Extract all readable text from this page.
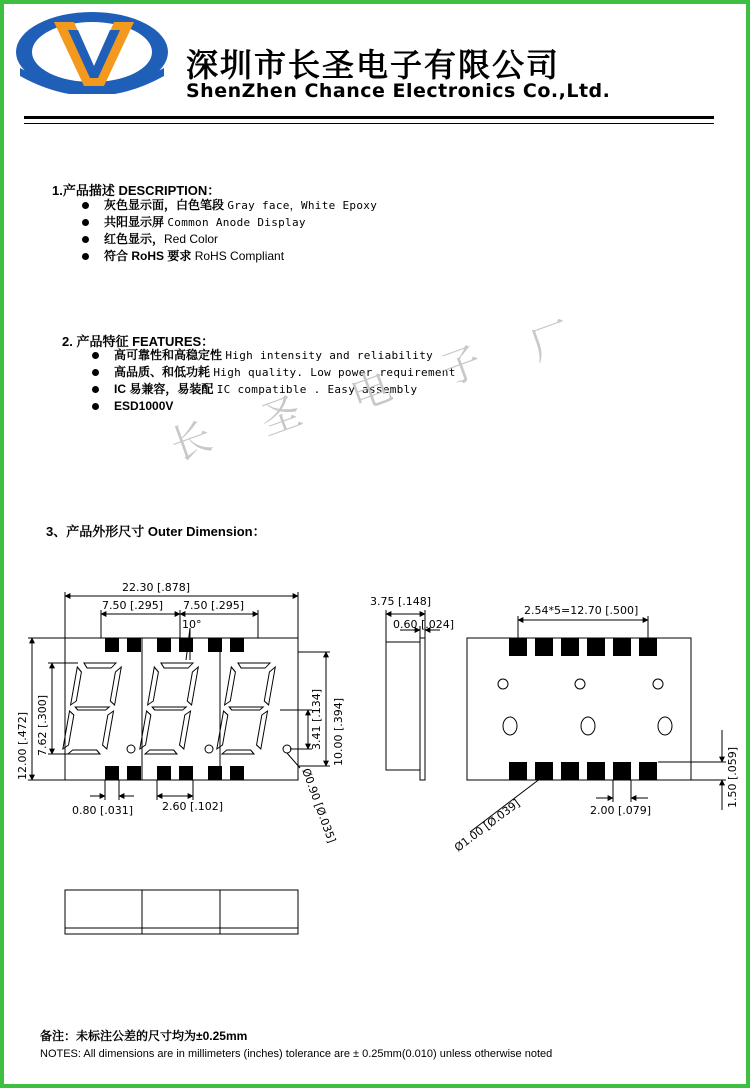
深圳市长圣电子有限公司
ShenZhen Chance Electronics Co.,Ltd.
1.产品描述 DESCRIPTION：
灰色显示面，白色笔段 Gray face，White Epoxy
共阳显示屏 Common Anode Display
红色显示，Red Color
符合 RoHS 要求 RoHS Compliant
2. 产品特征 FEATURES：
高可靠性和高稳定性 High intensity and reliability
高品质、和低功耗 High quality. Low power requirement
IC 易兼容，易装配 IC compatible . Easy assembly
ESD1000V
长 圣 电 子 厂
3、产品外形尺寸 Outer Dimension：
22.30 [.878]
7.50 [.295] 7.50 [.295]
10°
12.00 [.472] 7.62 [.300]	10.00 [.394]
3.41 [.134]
0.80 [.031]	2.60 [.102]	Ø0.90 [Ø.035]
3.75 [.148]
0.60 [.024]
2.54*5=12.70 [.500]
1.50 [.059]
2.00 [.079]
Ø1.00 [Ø.039]
备注：未标注公差的尺寸均为±0.25mm
NOTES: All dimensions are in millimeters (inches) tolerance are ± 0.25mm(0.010) unless otherwise noted
